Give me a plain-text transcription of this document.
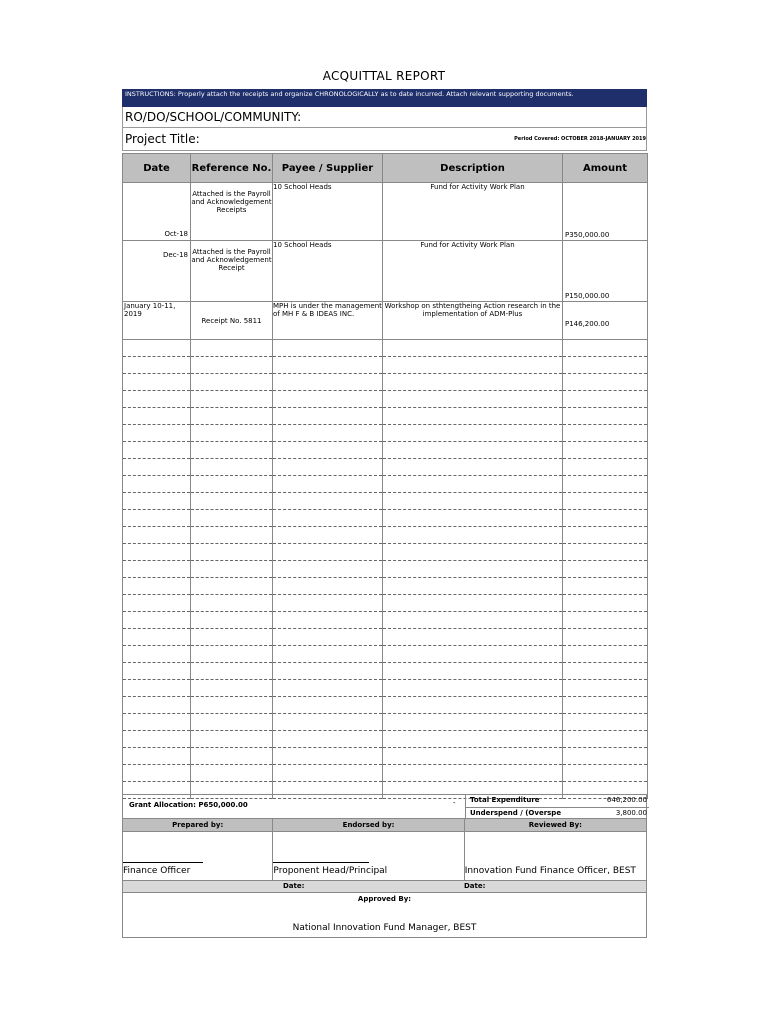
ACQUITTAL REPORT
INSTRUCTIONS: Properly attach the receipts and organize CHRONOLOGICALLY as to date incurred. Attach relevant supporting documents.
RO/DO/SCHOOL/COMMUNITY:
Project Title:	Period Covered: OCTOBER 2018-JANUARY 2019
Date	Reference No.	Payee / Supplier	Description	Amount
Oct-18	Attached is the Payroll and Acknowledgement Receipts	10 School Heads	Fund for Activity Work Plan	P350,000.00
Dec-18	Attached is the Payroll and Acknowledgement Receipt	10 School Heads	Fund for Activity Work Plan	P150,000.00
January 10-11, 2019	Receipt No. 5811	MPH is under the management of MH F & B IDEAS INC.	Workshop on sthtengtheing Action research in the implementation of ADM-Plus	P146,200.00

Grant Allocation: P650,000.00	- Total Expenditure	646,200.00
Underspend / (Overspe	3,800.00
Prepared by:	Endorsed by:	Reviewed By:
Finance Officer	Proponent Head/Principal	Innovation Fund Finance Officer, BEST
Date:	Date:
Approved By:
National Innovation Fund Manager, BEST
